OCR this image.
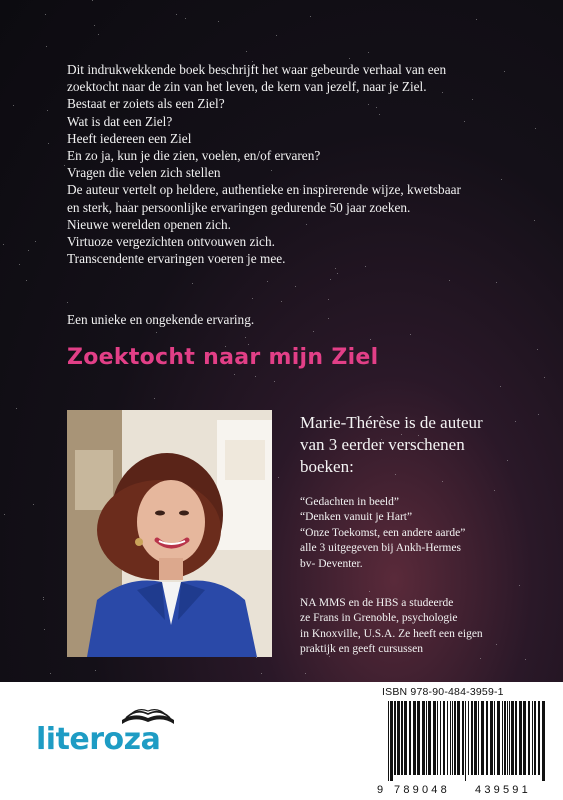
Dit indrukwekkende boek beschrijft het waar gebeurde verhaal van een

zoektocht naar de zin van het leven, de kern van jezelf, naar je Ziel.

Bestaat er zoiets als een Ziel?

Wat is dat een Ziel?

Heeft iedereen een Ziel

En zo ja, kun je die zien, voelen, en/of ervaren?

Vragen die velen zich stellen

De auteur vertelt op heldere, authentieke en inspirerende wijze, kwetsbaar

en sterk, haar persoonlijke ervaringen gedurende 50 jaar zoeken.

Nieuwe werelden openen zich.

Virtuoze vergezichten ontvouwen zich.

Transcendente ervaringen voeren je mee.

Een unieke en ongekende ervaring.
Zoektocht naar mijn Ziel
Marie-Thérèse is de auteur
van 3 eerder verschenen
boeken:
“Gedachten in beeld”
“Denken vanuit je Hart”
“Onze Toekomst, een andere aarde”
alle 3 uitgegeven bij Ankh-Hermes
bv- Deventer.
NA MMS en de HBS a studeerde
ze Frans in Grenoble, psychologie
in Knoxville, U.S.A. Ze heeft een eigen
praktijk en geeft cursussen
literoza
ISBN 978-90-484-3959-1
9 789048 439591
